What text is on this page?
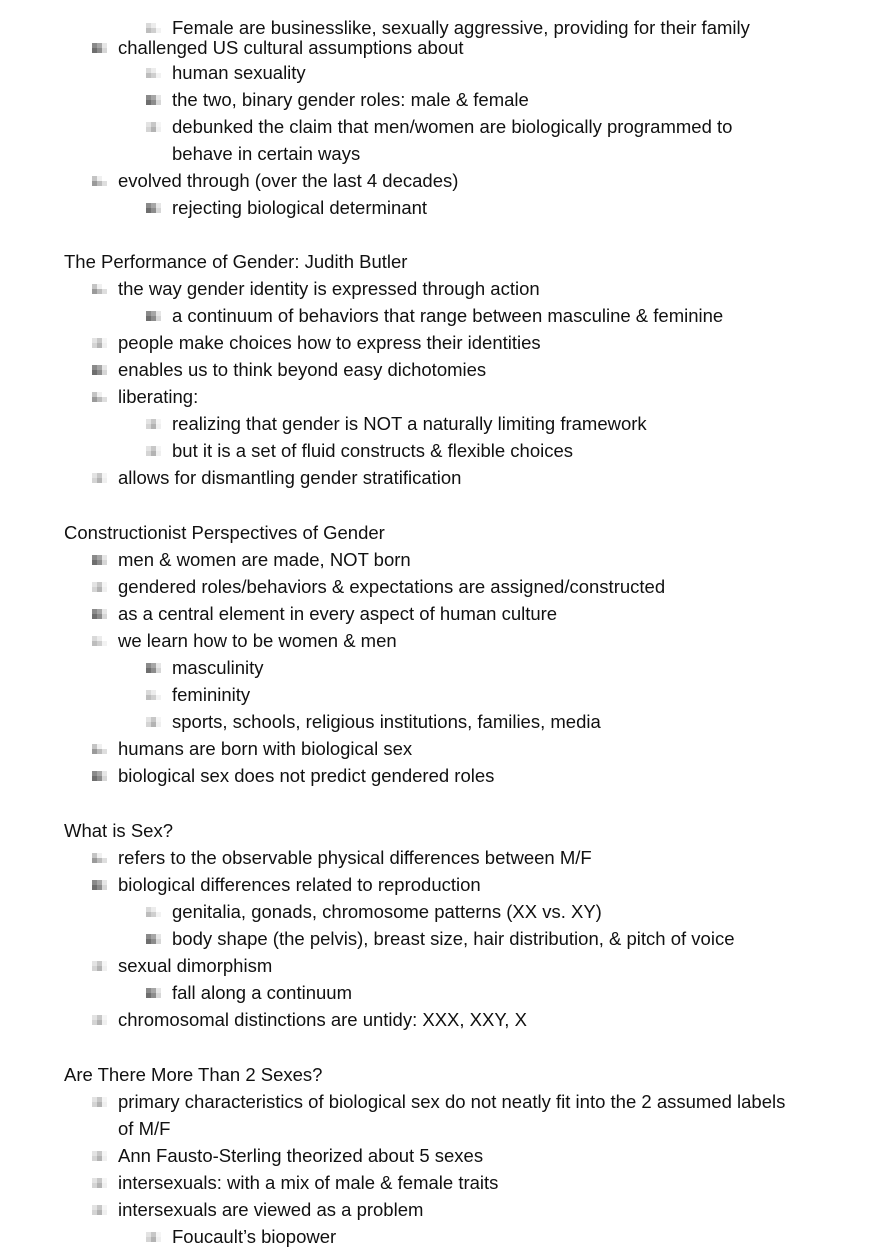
Female are businesslike, sexually aggressive, providing for their family
challenged US cultural assumptions about
human sexuality
the two, binary gender roles: male & female
debunked the claim that men/women are biologically programmed to
behave in certain ways
evolved through (over the last 4 decades)
rejecting biological determinant
The Performance of Gender: Judith Butler
the way gender identity is expressed through action
a continuum of behaviors that range between masculine & feminine
people make choices how to express their identities
enables us to think beyond easy dichotomies
liberating:
realizing that gender is NOT a naturally limiting framework
but it is a set of fluid constructs & flexible choices
allows for dismantling gender stratification
Constructionist Perspectives of Gender
men & women are made, NOT born
gendered roles/behaviors & expectations are assigned/constructed
as a central element in every aspect of human culture
we learn how to be women & men
masculinity
femininity
sports, schools, religious institutions, families, media
humans are born with biological sex
biological sex does not predict gendered roles
What is Sex?
refers to the observable physical differences between M/F
biological differences related to reproduction
genitalia, gonads, chromosome patterns (XX vs. XY)
body shape (the pelvis), breast size, hair distribution, & pitch of voice
sexual dimorphism
fall along a continuum
chromosomal distinctions are untidy: XXX, XXY, X
Are There More Than 2 Sexes?
primary characteristics of biological sex do not neatly fit into the 2 assumed labels
of M/F
Ann Fausto-Sterling theorized about 5 sexes
intersexuals: with a mix of male & female traits
intersexuals are viewed as a problem
Foucault’s biopower
